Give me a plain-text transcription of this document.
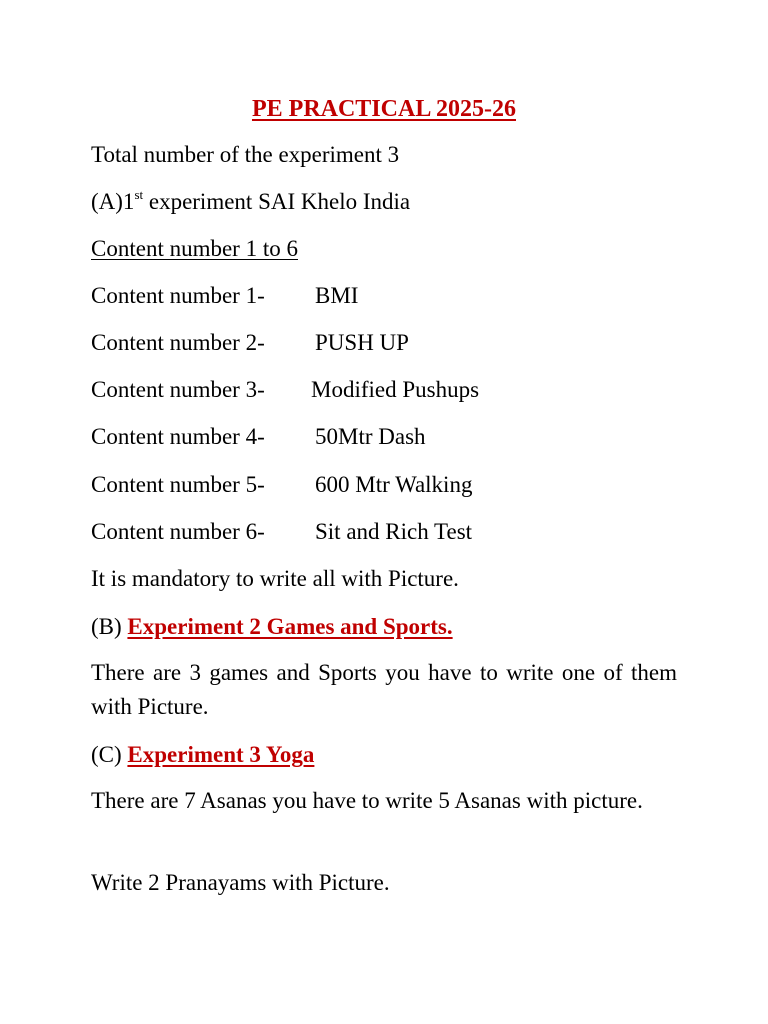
PE PRACTICAL 2025-26
Total number of the experiment 3
(A)1st experiment SAI Khelo India
Content number 1 to 6
Content number 1- BMI
Content number 2- PUSH UP
Content number 3- Modified Pushups
Content number 4- 50Mtr Dash
Content number 5- 600 Mtr Walking
Content number 6- Sit and Rich Test
It is mandatory to write all with Picture.
(B) Experiment 2 Games and Sports.
There are 3 games and Sports you have to write one of them with Picture.
(C) Experiment 3 Yoga
There are 7 Asanas you have to write 5 Asanas with picture.
Write 2 Pranayams with Picture.
